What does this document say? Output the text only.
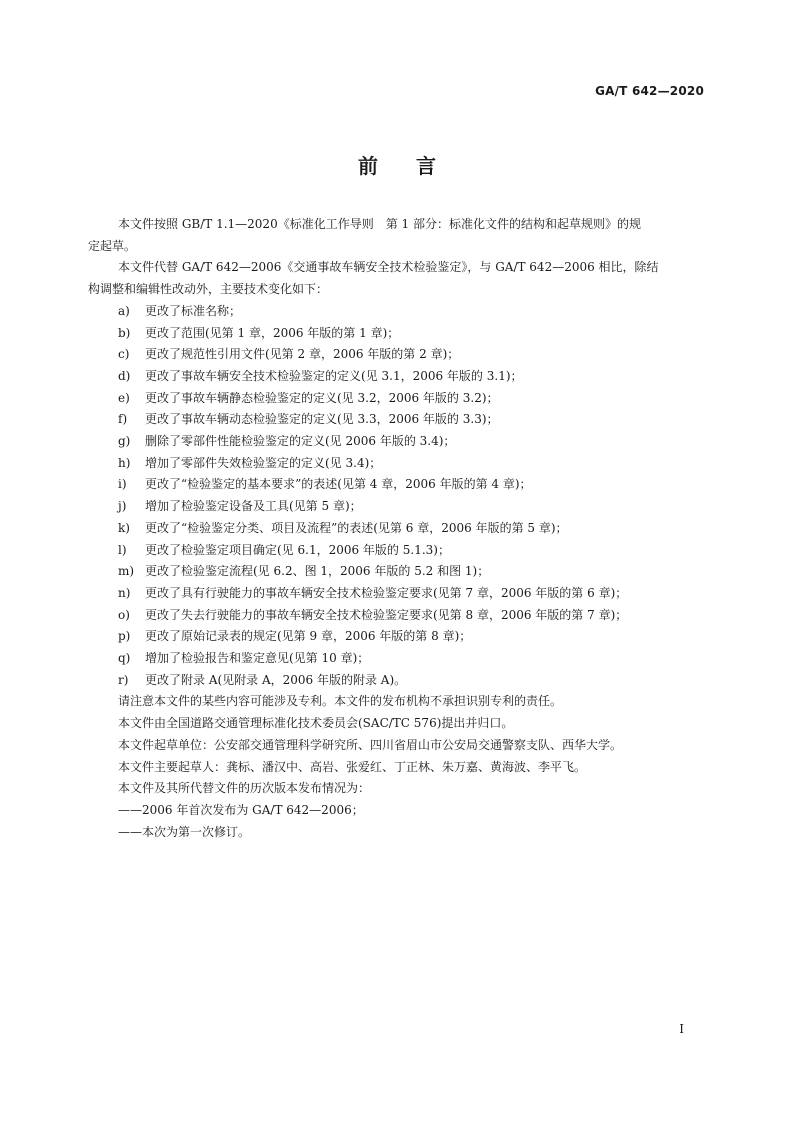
GA/T 642—2020
前言
本文件按照 GB/T 1.1—2020《标准化工作导则　第 1 部分：标准化文件的结构和起草规则》的规
定起草。
本文件代替 GA/T 642—2006《交通事故车辆安全技术检验鉴定》，与 GA/T 642—2006 相比，除结
构调整和编辑性改动外，主要技术变化如下：
a)	更改了标准名称；
b)	更改了范围(见第 1 章，2006 年版的第 1 章)；
c)	更改了规范性引用文件(见第 2 章，2006 年版的第 2 章)；
d)	更改了事故车辆安全技术检验鉴定的定义(见 3.1，2006 年版的 3.1)；
e)	更改了事故车辆静态检验鉴定的定义(见 3.2，2006 年版的 3.2)；
f)	更改了事故车辆动态检验鉴定的定义(见 3.3，2006 年版的 3.3)；
g)	删除了零部件性能检验鉴定的定义(见 2006 年版的 3.4)；
h)	增加了零部件失效检验鉴定的定义(见 3.4)；
i)	更改了“检验鉴定的基本要求”的表述(见第 4 章，2006 年版的第 4 章)；
j)	增加了检验鉴定设备及工具(见第 5 章)；
k)	更改了“检验鉴定分类、项目及流程”的表述(见第 6 章，2006 年版的第 5 章)；
l)	更改了检验鉴定项目确定(见 6.1，2006 年版的 5.1.3)；
m) 更改了检验鉴定流程(见 6.2、图 1，2006 年版的 5.2 和图 1)；
n)	更改了具有行驶能力的事故车辆安全技术检验鉴定要求(见第 7 章，2006 年版的第 6 章)；
o)	更改了失去行驶能力的事故车辆安全技术检验鉴定要求(见第 8 章，2006 年版的第 7 章)；
p)	更改了原始记录表的规定(见第 9 章，2006 年版的第 8 章)；
q)	增加了检验报告和鉴定意见(见第 10 章)；
r)	更改了附录 A(见附录 A，2006 年版的附录 A)。
请注意本文件的某些内容可能涉及专利。本文件的发布机构不承担识别专利的责任。
本文件由全国道路交通管理标准化技术委员会(SAC/TC 576)提出并归口。
本文件起草单位：公安部交通管理科学研究所、四川省眉山市公安局交通警察支队、西华大学。
本文件主要起草人：龚标、潘汉中、高岩、张爱红、丁正林、朱万嘉、黄海波、李平飞。
本文件及其所代替文件的历次版本发布情况为：
——2006 年首次发布为 GA/T 642—2006；
——本次为第一次修订。
I
